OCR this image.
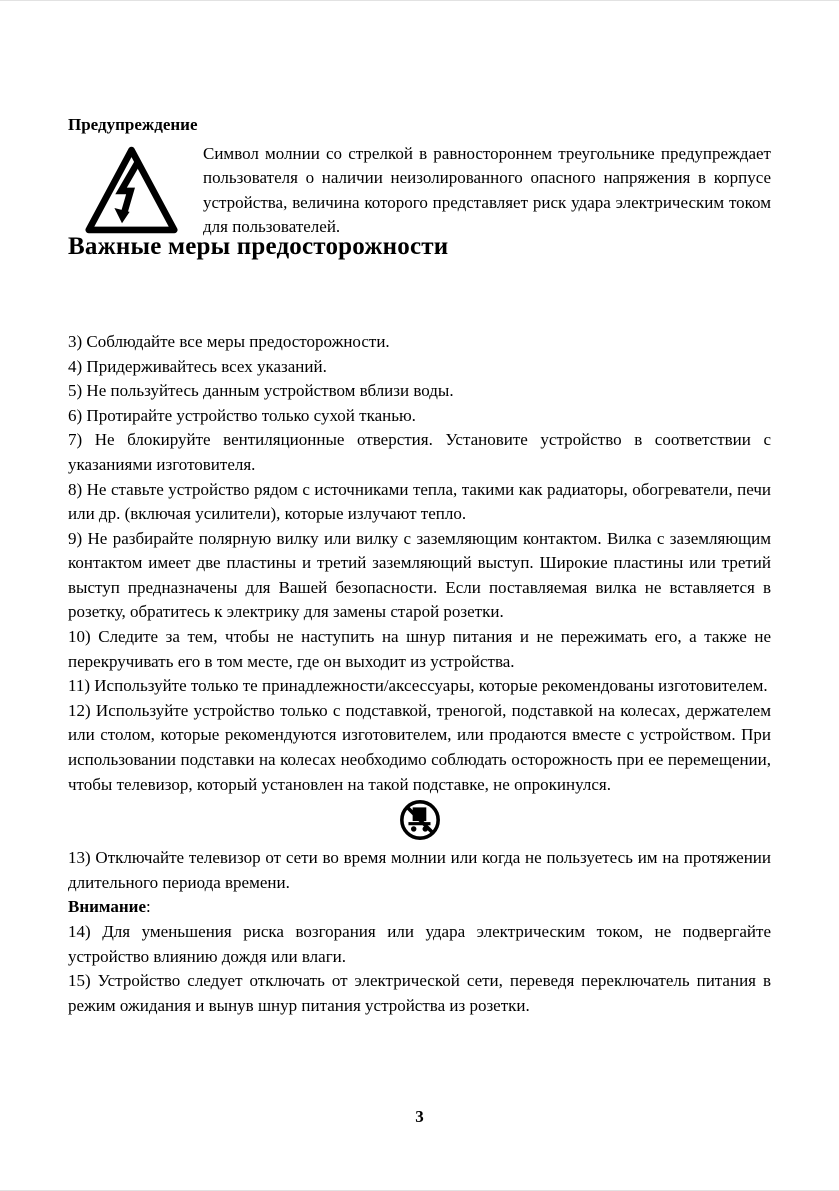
Предупреждение

Символ молнии со стрелкой в равностороннем треугольнике предупреждает пользователя о наличии неизолированного опасного напряжения в корпусе устройства, величина которого представляет риск удара электрическим током для пользователей.

Важные меры предосторожности

3) Соблюдайте все меры предосторожности.

4) Придерживайтесь всех указаний.

5) Не пользуйтесь данным устройством вблизи воды.

6) Протирайте устройство только сухой тканью.

7) Не блокируйте вентиляционные отверстия. Установите устройство в соответствии с указаниями изготовителя.

8) Не ставьте устройство рядом с источниками тепла, такими как радиаторы, обогреватели, печи или др. (включая усилители), которые излучают тепло.

9) Не разбирайте полярную вилку или вилку с заземляющим контактом. Вилка с заземляющим контактом имеет две пластины и третий заземляющий выступ. Широкие пластины или третий выступ предназначены для Вашей безопасности. Если поставляемая вилка не вставляется в розетку, обратитесь к электрику для замены старой розетки.

10) Следите за тем, чтобы не наступить на шнур питания и не пережимать его, а также не перекручивать его в том месте, где он выходит из устройства.

11) Используйте только те принадлежности/аксессуары, которые рекомендованы изготовителем.

12) Используйте устройство только с подставкой, треногой, подставкой на колесах, держателем или столом, которые рекомендуются изготовителем, или продаются вместе с устройством. При использовании подставки на колесах необходимо соблюдать осторожность при ее перемещении, чтобы телевизор, который установлен на такой подставке, не опрокинулся.

13) Отключайте телевизор от сети во время молнии или когда не пользуетесь им на протяжении длительного периода времени.

Внимание:

14) Для уменьшения риска возгорания или удара электрическим током, не подвергайте устройство влиянию дождя или влаги.

15) Устройство следует отключать от электрической сети, переведя переключатель питания в режим ожидания и вынув шнур питания устройства из розетки.

3
